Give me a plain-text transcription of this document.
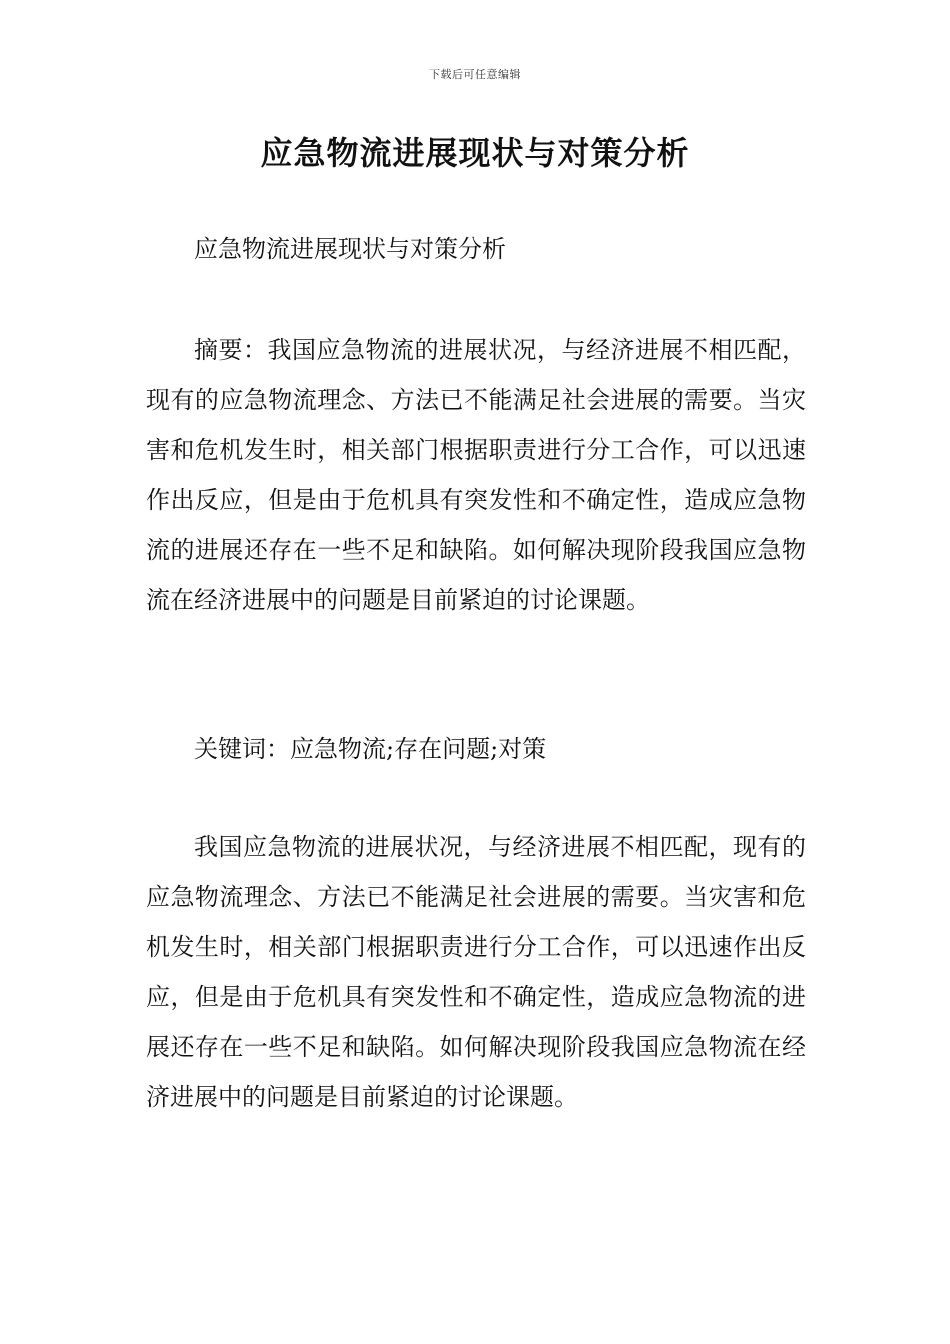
下载后可任意编辑
应急物流进展现状与对策分析

应急物流进展现状与对策分析

摘要：我国应急物流的进展状况，与经济进展不相匹配，现有的应急物流理念、方法已不能满足社会进展的需要。当灾害和危机发生时，相关部门根据职责进行分工合作，可以迅速作出反应，但是由于危机具有突发性和不确定性，造成应急物流的进展还存在一些不足和缺陷。如何解决现阶段我国应急物流在经济进展中的问题是目前紧迫的讨论课题。

关键词：应急物流;存在问题;对策

我国应急物流的进展状况，与经济进展不相匹配，现有的应急物流理念、方法已不能满足社会进展的需要。当灾害和危机发生时，相关部门根据职责进行分工合作，可以迅速作出反应，但是由于危机具有突发性和不确定性，造成应急物流的进展还存在一些不足和缺陷。如何解决现阶段我国应急物流在经济进展中的问题是目前紧迫的讨论课题。
